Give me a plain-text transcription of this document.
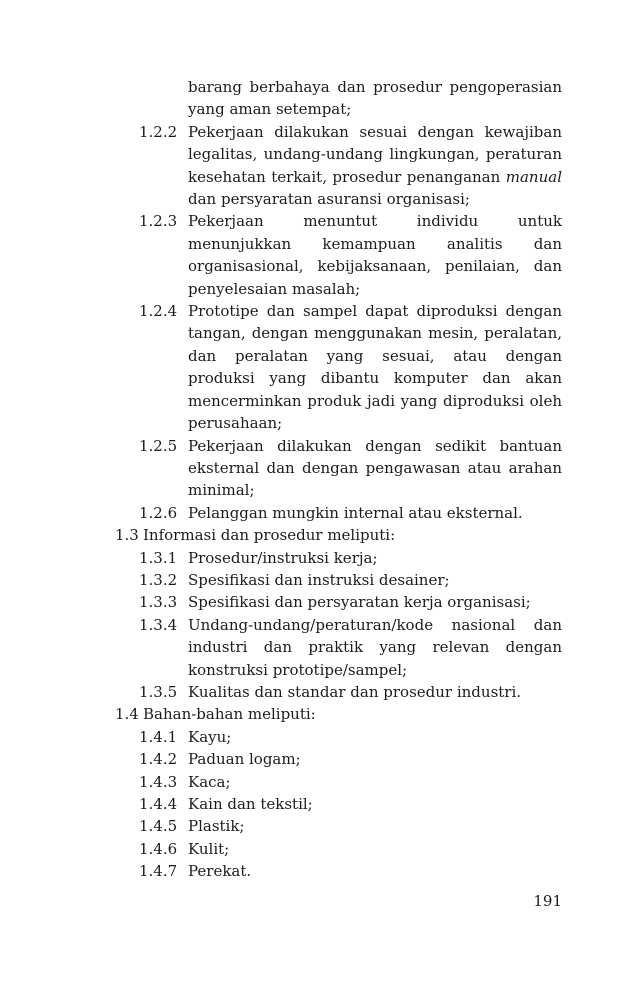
barang berbahaya dan prosedur pengoperasian yang aman setempat;
1.2.2 Pekerjaan dilakukan sesuai dengan kewajiban legalitas, undang-undang lingkungan, peraturan kesehatan terkait, prosedur penanganan manual dan persyaratan asuransi organisasi;
1.2.3 Pekerjaan menuntut individu untuk menunjukkan kemampuan analitis dan organisasional, kebijaksanaan, penilaian, dan penyelesaian masalah;
1.2.4 Prototipe dan sampel dapat diproduksi dengan tangan, dengan menggunakan mesin, peralatan, dan peralatan yang sesuai, atau dengan produksi yang dibantu komputer dan akan mencerminkan produk jadi yang diproduksi oleh perusahaan;
1.2.5 Pekerjaan dilakukan dengan sedikit bantuan eksternal dan dengan pengawasan atau arahan minimal;
1.2.6 Pelanggan mungkin internal atau eksternal.
1.3 Informasi dan prosedur meliputi:
1.3.1 Prosedur/instruksi kerja;
1.3.2 Spesifikasi dan instruksi desainer;
1.3.3 Spesifikasi dan persyaratan kerja organisasi;
1.3.4 Undang-undang/peraturan/kode nasional dan industri dan praktik yang relevan dengan konstruksi prototipe/sampel;
1.3.5 Kualitas dan standar dan prosedur industri.
1.4 Bahan-bahan meliputi:
1.4.1 Kayu;
1.4.2 Paduan logam;
1.4.3 Kaca;
1.4.4 Kain dan tekstil;
1.4.5 Plastik;
1.4.6 Kulit;
1.4.7 Perekat.
191
